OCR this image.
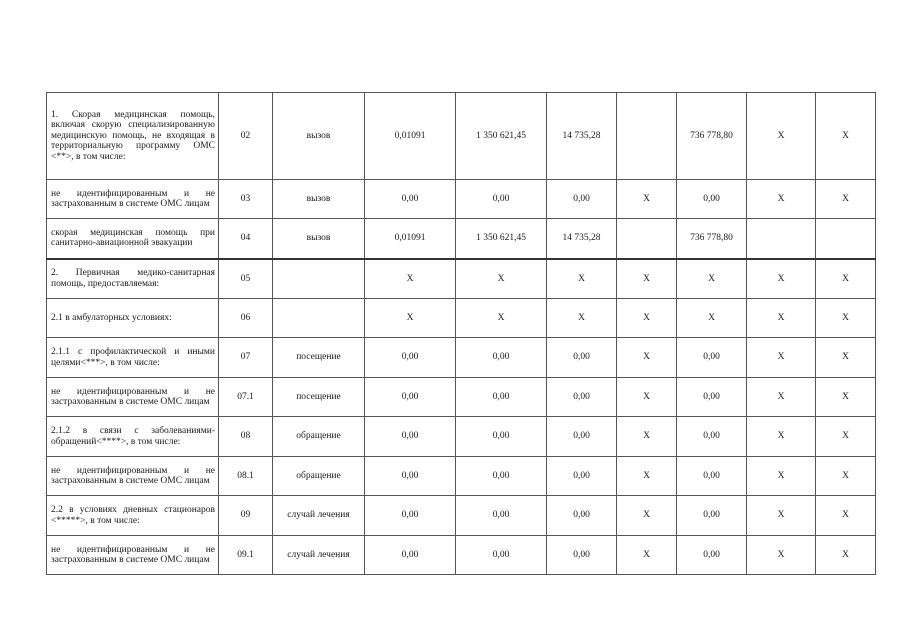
1. Скорая медицинская помощь, включая скорую специализированную медицинскую помощь, не входящая в территориальную программу ОМС <**>, в том числе:	02	вызов	0,01091	1 350 621,45	14 735,28		736 778,80	Х	Х
не идентифицированным и не застрахованным в системе ОМС лицам	03	вызов	0,00	0,00	0,00	Х	0,00	Х	Х
скорая медицинская помощь при санитарно-авиационной эвакуации	04	вызов	0,01091	1 350 621,45	14 735,28		736 778,80		
2. Первичная медико-санитарная помощь, предоставляемая:	05		Х	Х	Х	Х	Х	Х	Х
2.1 в амбулаторных условиях:	06		Х	Х	Х	Х	Х	Х	Х
2.1.1 с профилактической и иными целями<***>, в том числе:	07	посещение	0,00	0,00	0,00	Х	0,00	Х	Х
не идентифицированным и не застрахованным в системе ОМС лицам	07.1	посещение	0,00	0,00	0,00	Х	0,00	Х	Х
2.1.2 в связи с заболеваниями-обращений<****>, в том числе:	08	обращение	0,00	0,00	0,00	Х	0,00	Х	Х
не идентифицированным и не застрахованным в системе ОМС лицам	08.1	обращение	0,00	0,00	0,00	Х	0,00	Х	Х
2.2 в условиях дневных стационаров <*****>, в том числе:	09	случай лечения	0,00	0,00	0,00	Х	0,00	Х	Х
не идентифицированным и не застрахованным в системе ОМС лицам	09.1	случай лечения	0,00	0,00	0,00	Х	0,00	Х	Х
